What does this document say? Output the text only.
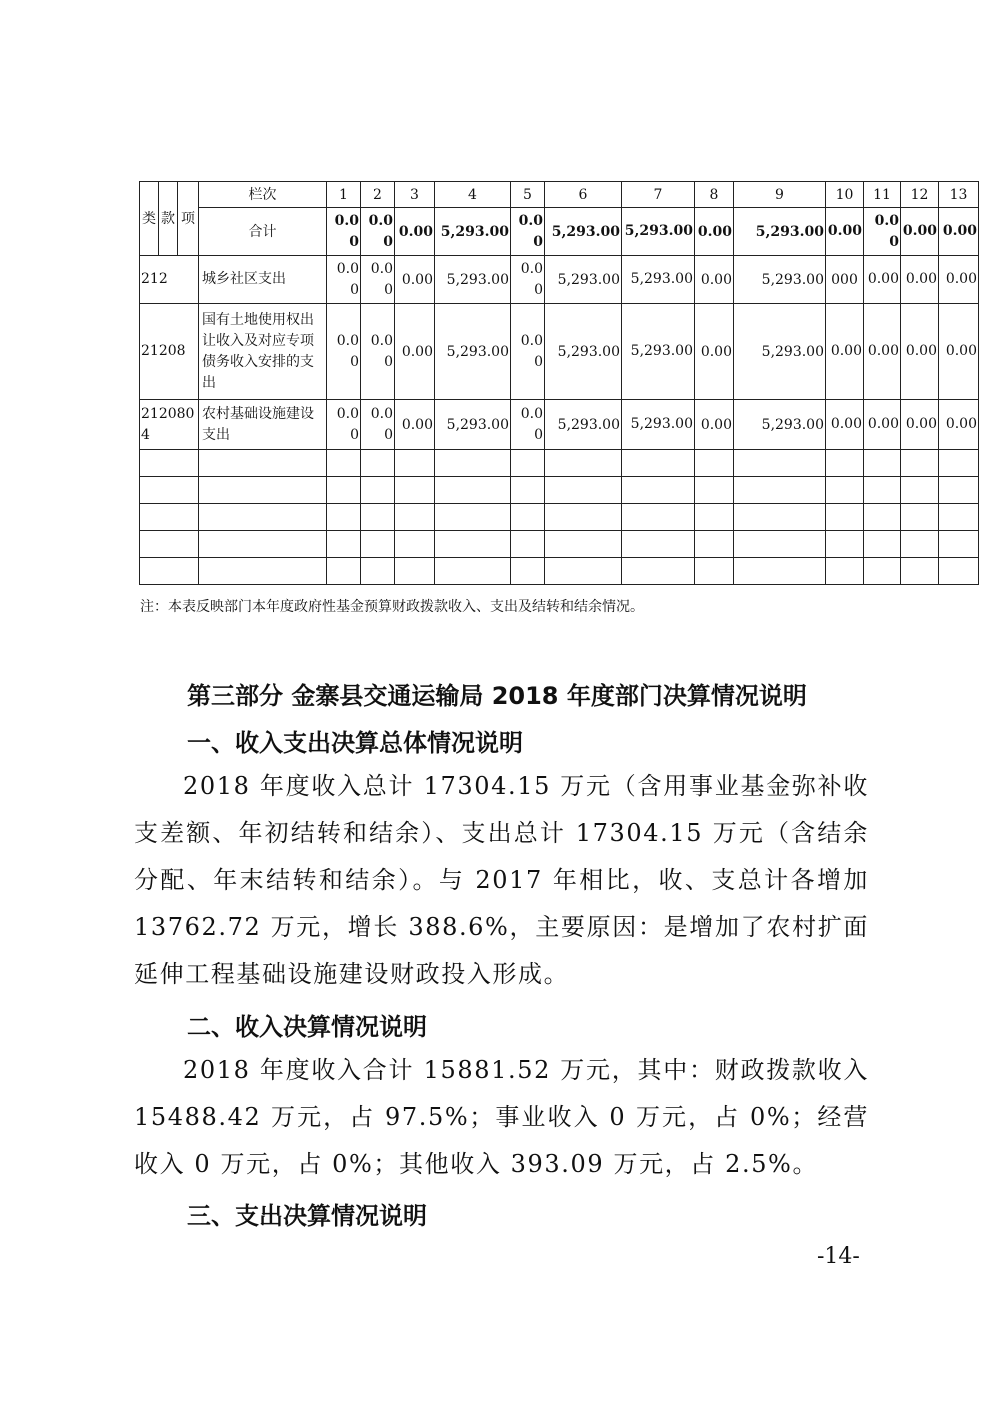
类	款	项	栏次	1	2	3	4	5	6	7	8	9	10	11	12	13
			合计	0.00	0.00	0.00	5,293.00	0.00	5,293.00	5,293.00	0.00	5,293.00	0.00	0.00	0.00	0.00
212			城乡社区支出	0.00	0.00	0.00	5,293.00	0.00	5,293.00	5,293.00	0.00	5,293.00	000	0.00	0.00	0.00
21208			国有土地使用权出让收入及对应专项债务收入安排的支出	0.00	0.00	0.00	5,293.00	0.00	5,293.00	5,293.00	0.00	5,293.00	0.00	0.00	0.00	0.00
2120804			农村基础设施建设支出	0.00	0.00	0.00	5,293.00	0.00	5,293.00	5,293.00	0.00	5,293.00	0.00	0.00	0.00	0.00

注：本表反映部门本年度政府性基金预算财政拨款收入、支出及结转和结余情况。
第三部分 金寨县交通运输局 2018 年度部门决算情况说明
一、收入支出决算总体情况说明
2018 年度收入总计 17304.15 万元（含用事业基金弥补收支差额、年初结转和结余）、支出总计 17304.15 万元（含结余分配、年末结转和结余）。与 2017 年相比，收、支总计各增加 13762.72 万元，增长 388.6%，主要原因：是增加了农村扩面延伸工程基础设施建设财政投入形成。
二、收入决算情况说明
2018 年度收入合计 15881.52 万元，其中：财政拨款收入 15488.42 万元，占 97.5%；事业收入 0 万元，占 0%；经营收入 0 万元，占 0%；其他收入 393.09 万元，占 2.5%。
三、支出决算情况说明
-14-
